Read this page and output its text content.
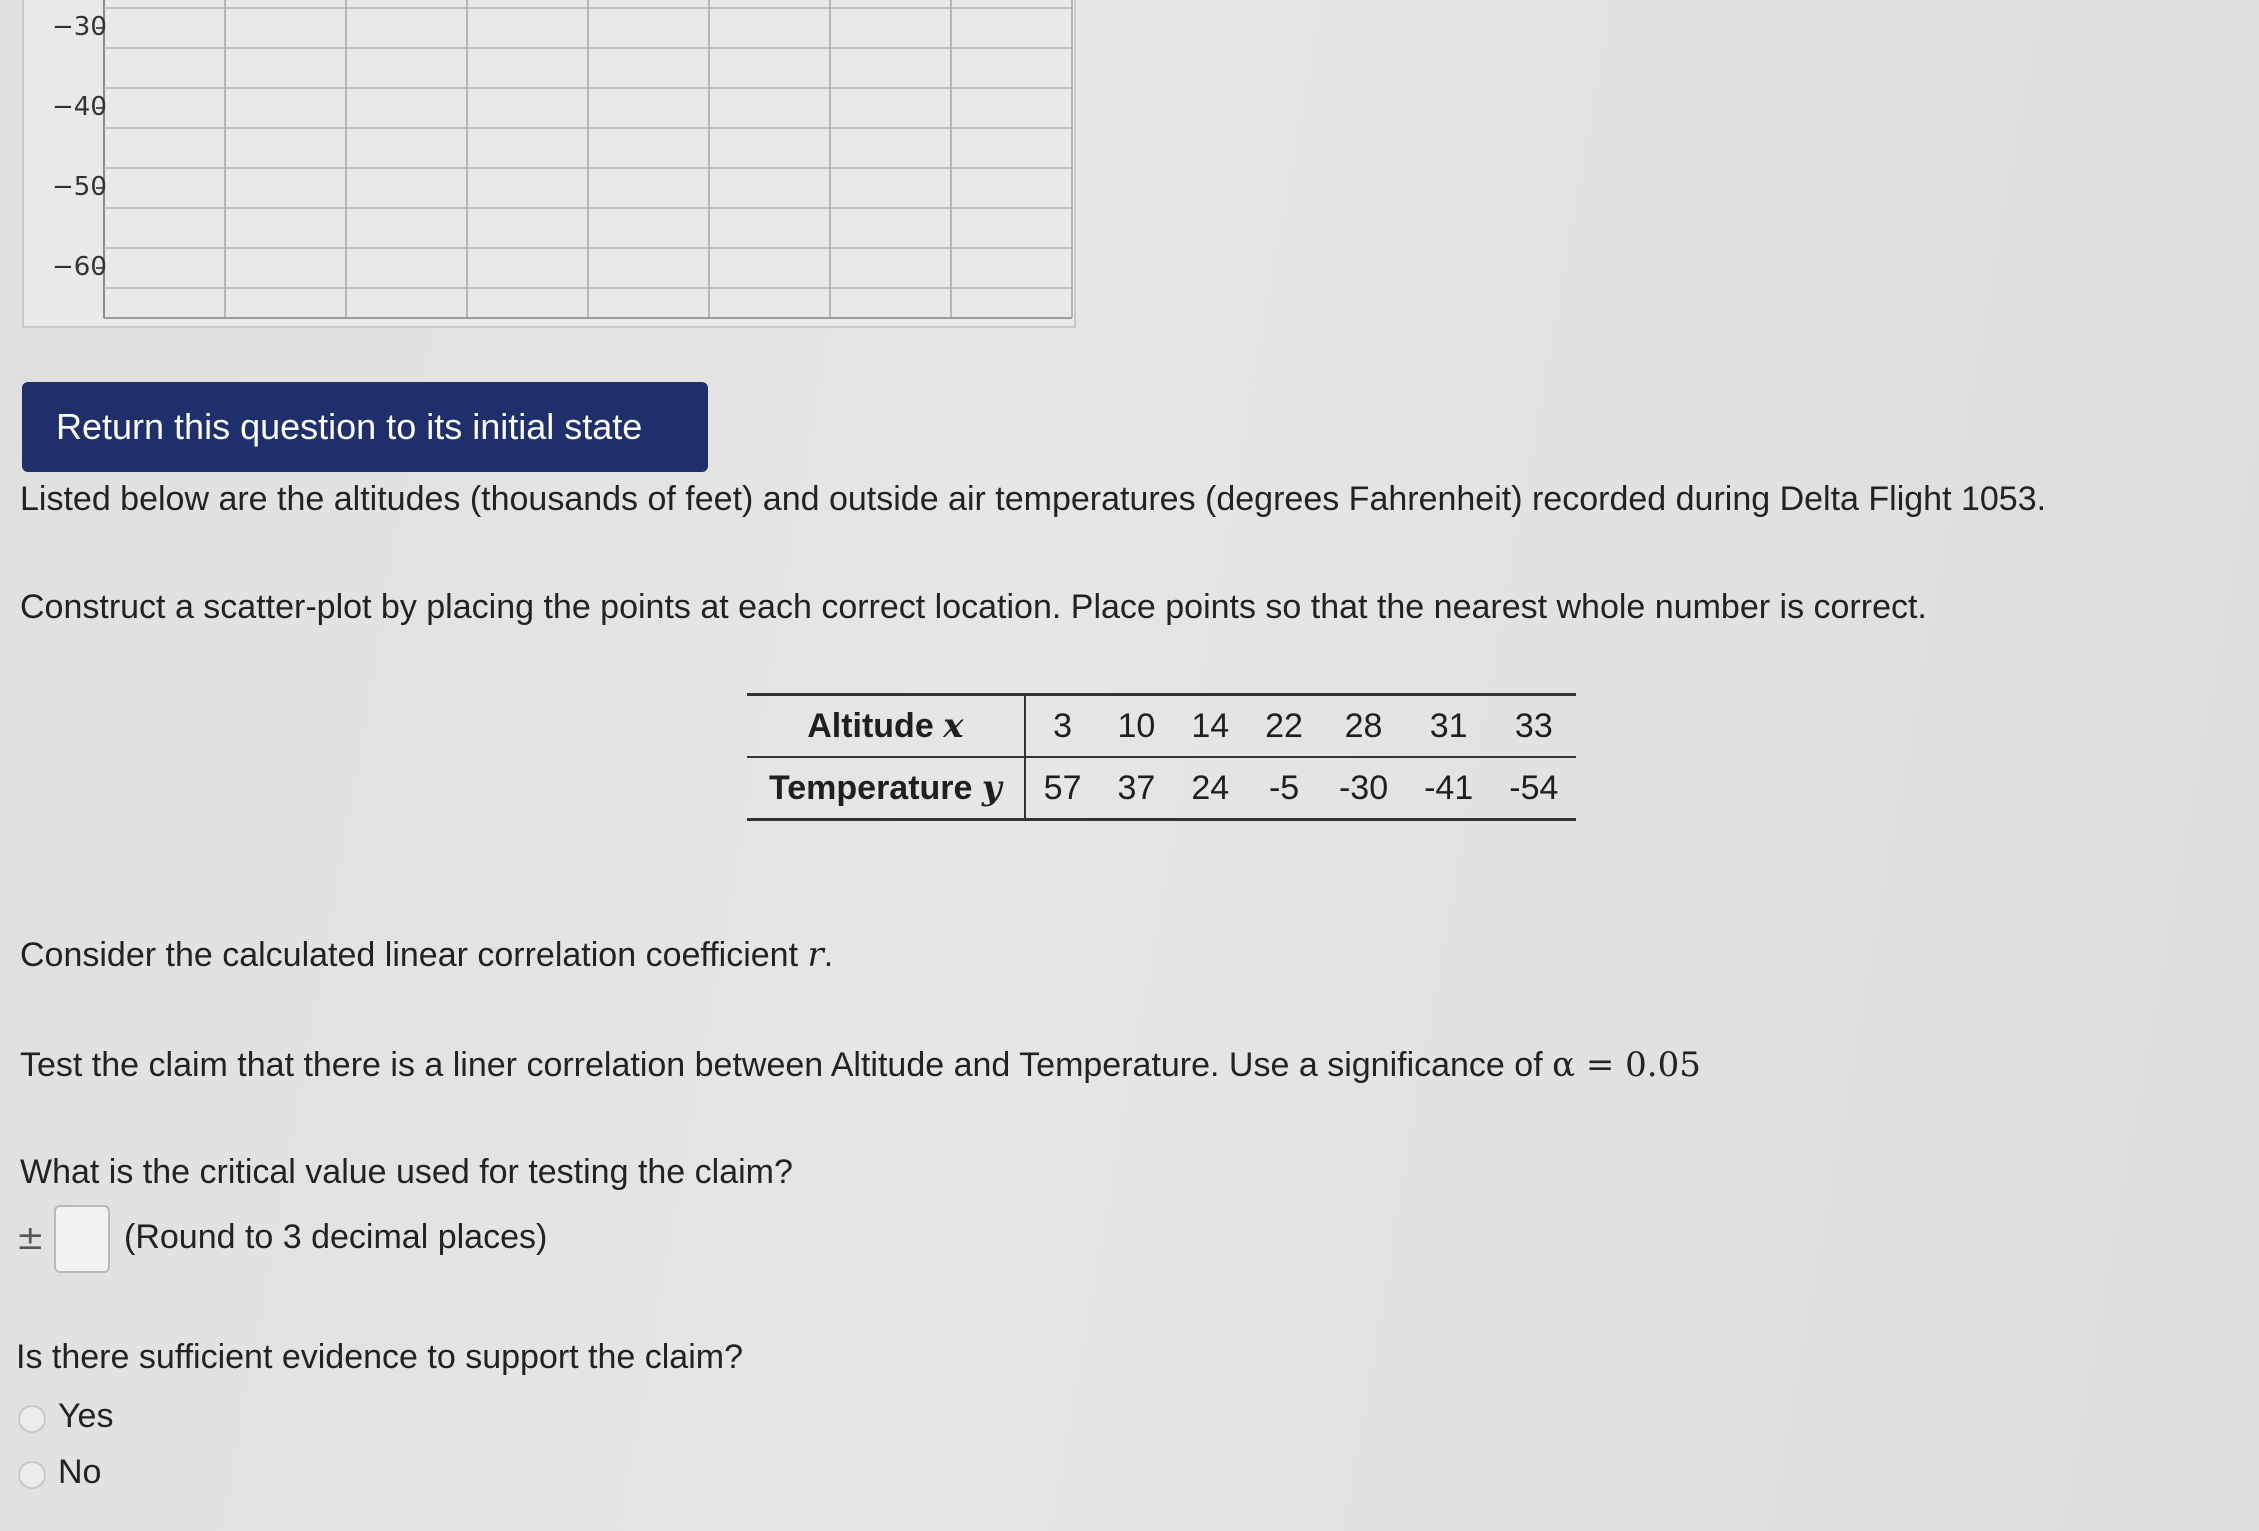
−30
−40
−50
−60
Return this question to its initial state
Listed below are the altitudes (thousands of feet) and outside air temperatures (degrees Fahrenheit) recorded during Delta Flight 1053.
Construct a scatter-plot by placing the points at each correct location. Place points so that the nearest whole number is correct.
Altitude x	3	10	14	22	28	31	33
Temperature y	57	37	24	-5	-30	-41	-54
Consider the calculated linear correlation coefficient r.
Test the claim that there is a liner correlation between Altitude and Temperature. Use a significance of α = 0.05
What is the critical value used for testing the claim?
± (Round to 3 decimal places)
Is there sufficient evidence to support the claim?
Yes
No
